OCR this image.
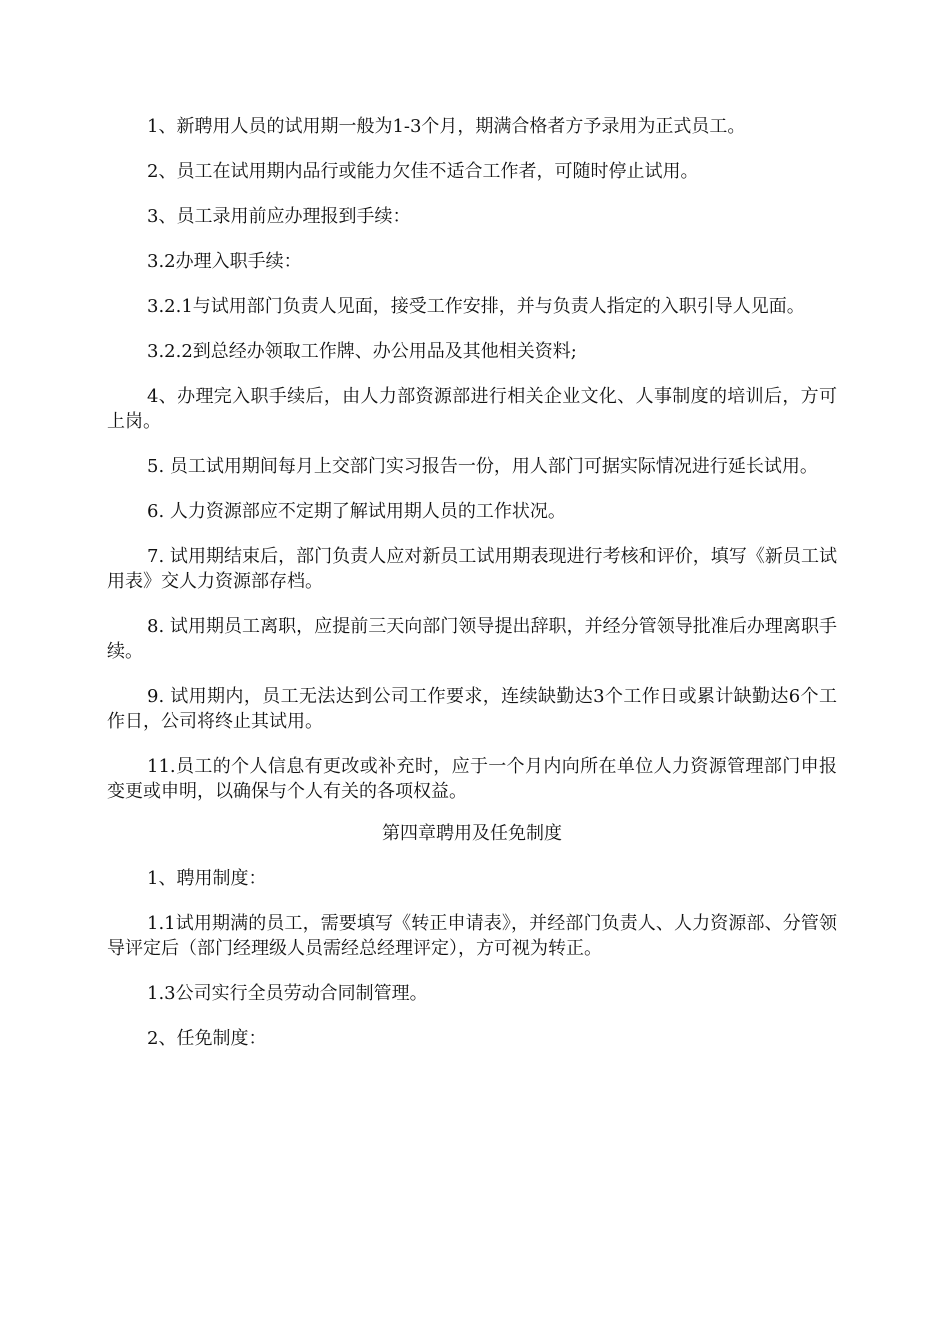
1、新聘用人员的试用期一般为1-3个月，期满合格者方予录用为正式员工。

2、员工在试用期内品行或能力欠佳不适合工作者，可随时停止试用。

3、员工录用前应办理报到手续：

3.2办理入职手续：

3.2.1与试用部门负责人见面，接受工作安排，并与负责人指定的入职引导人见面。

3.2.2到总经办领取工作牌、办公用品及其他相关资料;

4、办理完入职手续后，由人力部资源部进行相关企业文化、人事制度的培训后，方可上岗。

5. 员工试用期间每月上交部门实习报告一份，用人部门可据实际情况进行延长试用。

6. 人力资源部应不定期了解试用期人员的工作状况。

7. 试用期结束后，部门负责人应对新员工试用期表现进行考核和评价，填写《新员工试用表》交人力资源部存档。

8. 试用期员工离职，应提前三天向部门领导提出辞职，并经分管领导批准后办理离职手续。

9. 试用期内，员工无法达到公司工作要求，连续缺勤达3个工作日或累计缺勤达6个工作日，公司将终止其试用。

11.员工的个人信息有更改或补充时，应于一个月内向所在单位人力资源管理部门申报变更或申明，以确保与个人有关的各项权益。

第四章聘用及任免制度

1、聘用制度：

1.1试用期满的员工，需要填写《转正申请表》，并经部门负责人、人力资源部、分管领导评定后（部门经理级人员需经总经理评定），方可视为转正。

1.3公司实行全员劳动合同制管理。

2、任免制度：
